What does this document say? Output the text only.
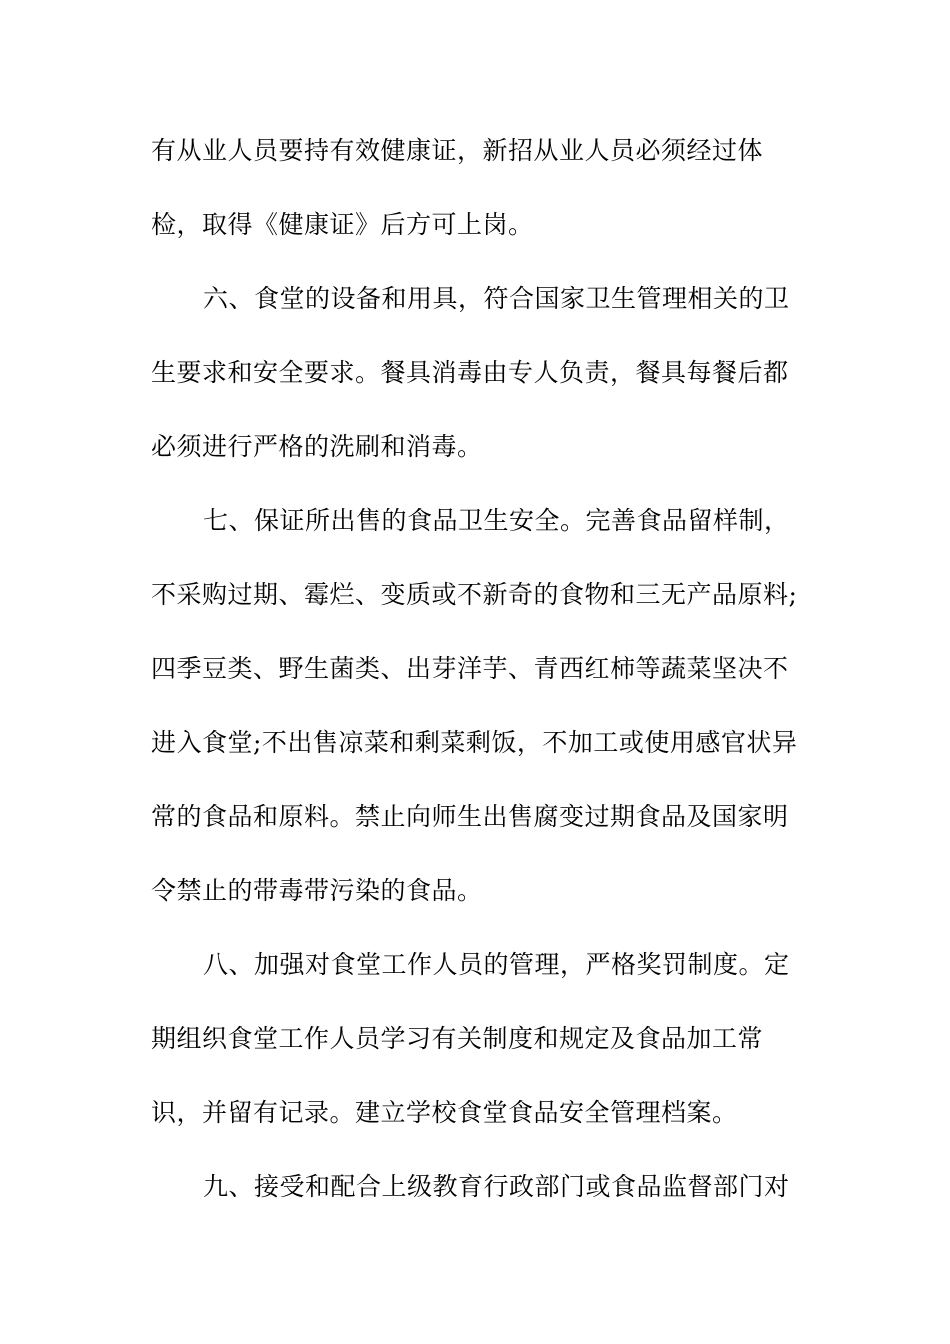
有从业人员要持有效健康证，新招从业人员必须经过体
检，取得《健康证》后方可上岗。
六、食堂的设备和用具，符合国家卫生管理相关的卫
生要求和安全要求。餐具消毒由专人负责，餐具每餐后都
必须进行严格的洗刷和消毒。
七、保证所出售的食品卫生安全。完善食品留样制，
不采购过期、霉烂、变质或不新奇的食物和三无产品原料;
四季豆类、野生菌类、出芽洋芋、青西红柿等蔬菜坚决不
进入食堂;不出售凉菜和剩菜剩饭，不加工或使用感官状异
常的食品和原料。禁止向师生出售腐变过期食品及国家明
令禁止的带毒带污染的食品。
八、加强对食堂工作人员的管理，严格奖罚制度。定
期组织食堂工作人员学习有关制度和规定及食品加工常
识，并留有记录。建立学校食堂食品安全管理档案。
九、接受和配合上级教育行政部门或食品监督部门对
